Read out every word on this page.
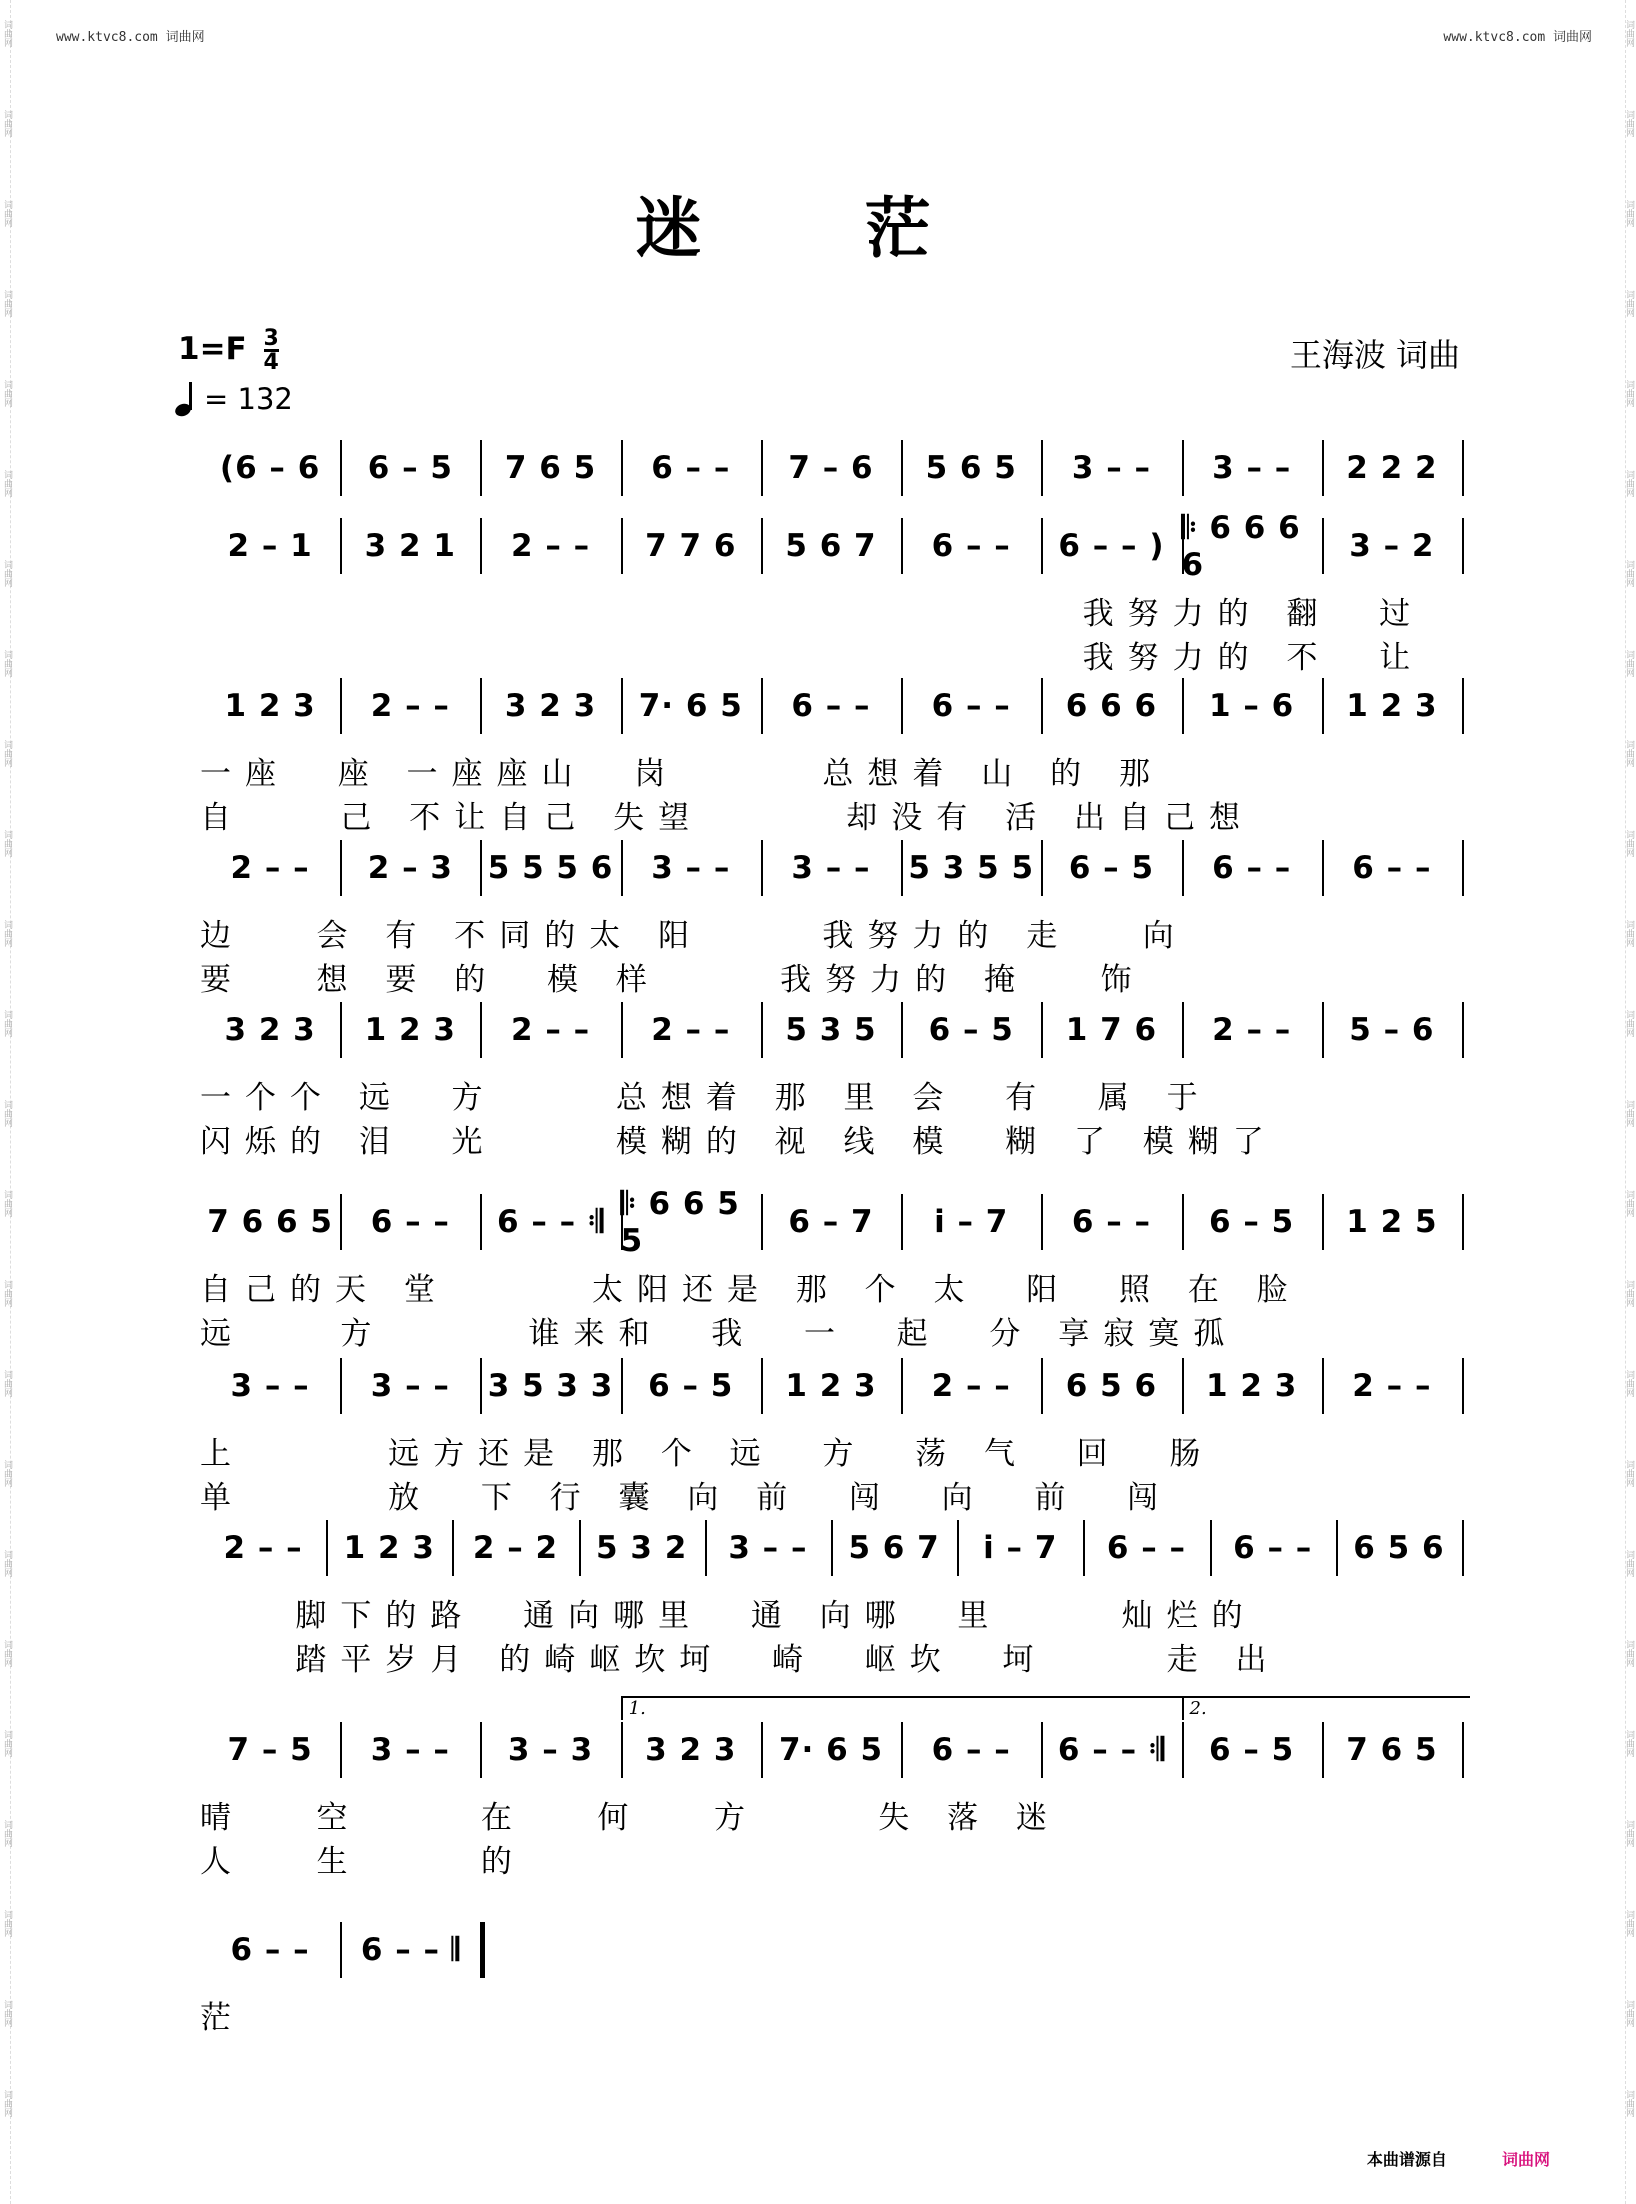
词曲网
词曲网
词曲网
词曲网
词曲网
词曲网
词曲网
词曲网
词曲网
词曲网
词曲网
词曲网
词曲网
词曲网
词曲网
词曲网
词曲网
词曲网
词曲网
词曲网
词曲网
词曲网
词曲网
词曲网
词曲网
词曲网
词曲网
词曲网
词曲网
词曲网
词曲网
词曲网
词曲网
词曲网
词曲网
词曲网
词曲网
词曲网
词曲网
词曲网
词曲网
词曲网
词曲网
词曲网
词曲网
词曲网
词曲网
词曲网
www.ktvc8.com 词曲网	www.ktvc8.com 词曲网
迷 茫
$1=F \frac{3}{4}$
= 132
王海波 词曲
(6 – 6	6 – 5	7 6 5	6 – –	7 – 6	5 6 5	3 – –	3 – –	2 2 2
2 – 1	3 2 1	2 – –	7 7 6	5 6 7	6 – –	6 – – )
𝄆 6 6 6 6
3 – 2
我努力的 翻  过
我努力的 不  让
1 2 3	2 – –	3 2 3	7· 6 5	6 – –	6 – –	6 6 6	1 – 6	1 2 3
一座  座 一座座山  岗      总想着 山 的 那
自    己 不让自己 失望      却没有 活 出自己想
2 – –	2 – 3	5 5 5 6	3 – –	3 – –	5 3 5 5	6 – 5	6 – –	6 – –
边   会 有 不同的太 阳     我努力的 走   向
要   想 要 的  模 样     我努力的 掩   饰
3 2 3	1 2 3	2 – –	2 – –	5 3 5	6 – 5	1 7 6	2 – –	5 – 6
一个个 远  方     总想着 那 里 会  有  属 于
闪烁的 泪  光     模糊的 视 线 模  糊 了 模糊了
7 6 6 5	6 – –	6 – – 𝄇 𝄆 6 6 5 5
6 – 7	i – 7	6 – –	6 – 5	1 2 5
自己的天 堂      太阳还是 那 个 太  阳  照 在 脸
远    方      谁来和  我  一  起  分 享寂寞孤
3 – –	3 – –	3 5 3 3	6 – 5	1 2 3	2 – –	6 5 6	1 2 3	2 – –
上      远方还是 那 个 远  方  荡 气  回  肠
单      放  下 行 囊 向 前  闯  向  前  闯
2 – –	1 2 3	2 – 2	5 3 2	3 – –	5 6 7	i – 7	6 – –	6 – –	6 5 6
脚下的路  通向哪里  通 向哪  里     灿烂的
踏平岁月 的崎岖坎坷  崎  岖坎  坷     走 出
7 – 5	3 – –	3 – 3	3 2 3	7· 6 5	6 – –	6 – – 𝄇	6 – 5	7 6 5
1.	2.
晴   空     在   何   方     失 落 迷
人   生     的
6 – –	6 – – 𝄂
茫
本曲谱源自	词曲网
